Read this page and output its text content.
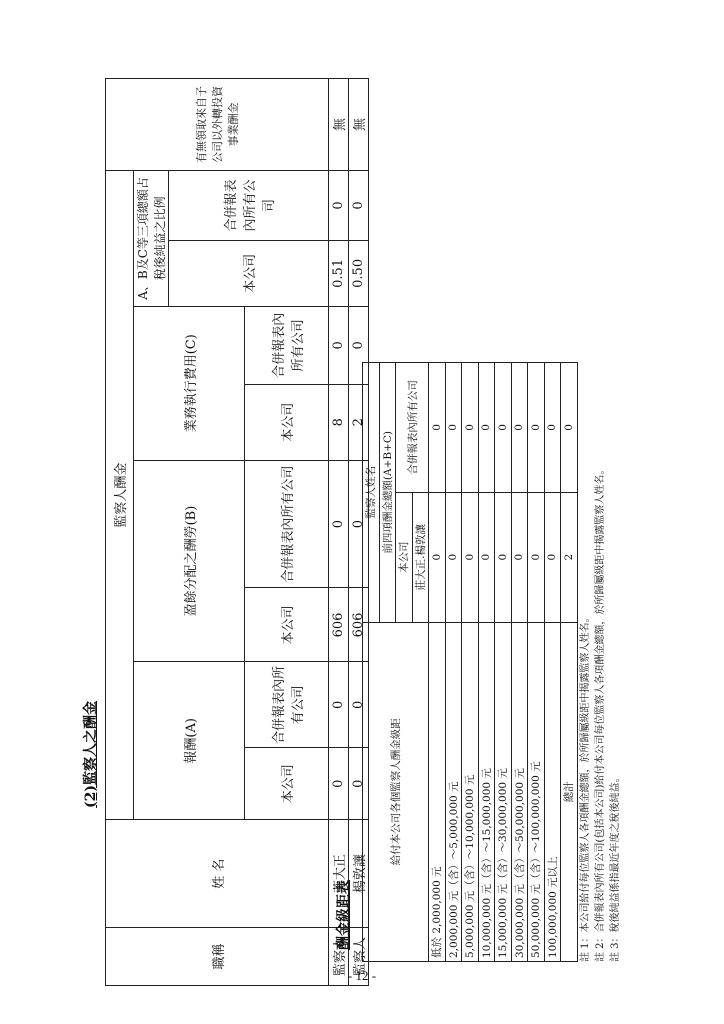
(2)監察人之酬金
職稱	姓 名	監察人酬金								有無領取來自子公司以外轉投資事業酬金
		報酬(A)		盈餘分配之酬勞(B)		業務執行費用(C)		A、B及C等三項總額占稅後純益之比例		
								本公司	合併報表內所有公司	
		本公司	合併報表內所有公司	本公司	合併報表內所有公司	本公司	合併報表內所有公司			
監察人	莊大正	0	0	606	0	8	0	0.51	0	無
監察人	楊敦讓	0	0	606	0	2	0	0.50	0	無
酬金級距表
給付本公司各個監察人酬金級距	監察人姓名	
	前四項酬金總額(A+B+C)	
	本公司	合併報表內所有公司
	莊大正.楊敦讓	
低於 2,000,000 元	0	0
2,000,000 元（含）～5,000,000 元	0	0
5,000,000 元（含）～10,000,000 元	0	0
10,000,000 元（含）～15,000,000 元	0	0
15,000,000 元（含）～30,000,000 元	0	0
30,000,000 元（含）～50,000,000 元	0	0
50,000,000 元（含）～100,000,000 元	0	0
100,000,000 元以上	0	0
總計	2	0
註 1：本公司給付每位監察人各項酬金總額，於所歸屬級距中揭露監察人姓名。 註 2：合併報表內所有公司(包括本公司)給付本公司每位監察人各項酬金總額，於所歸屬級距中揭露監察人姓名。 註 3：稅後純益係指最近年度之稅後純益。
- 12 -
